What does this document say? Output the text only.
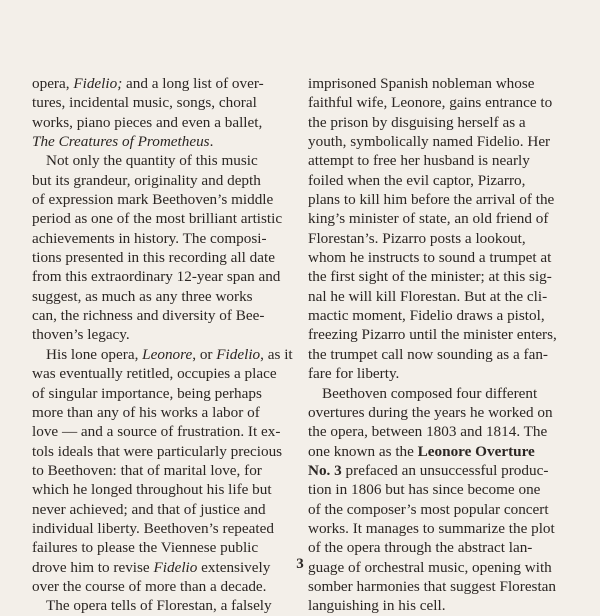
opera, Fidelio; and a long list of over-
tures, incidental music, songs, choral
works, piano pieces and even a ballet,
The Creatures of Prometheus.
Not only the quantity of this music
but its grandeur, originality and depth
of expression mark Beethoven’s middle
period as one of the most brilliant artistic
achievements in history. The composi-
tions presented in this recording all date
from this extraordinary 12-year span and
suggest, as much as any three works
can, the richness and diversity of Bee-
thoven’s legacy.
His lone opera, Leonore, or Fidelio, as it
was eventually retitled, occupies a place
of singular importance, being perhaps
more than any of his works a labor of
love — and a source of frustration. It ex-
tols ideals that were particularly precious
to Beethoven: that of marital love, for
which he longed throughout his life but
never achieved; and that of justice and
individual liberty. Beethoven’s repeated
failures to please the Viennese public
drove him to revise Fidelio extensively
over the course of more than a decade.
The opera tells of Florestan, a falsely
imprisoned Spanish nobleman whose
faithful wife, Leonore, gains entrance to
the prison by disguising herself as a
youth, symbolically named Fidelio. Her
attempt to free her husband is nearly
foiled when the evil captor, Pizarro,
plans to kill him before the arrival of the
king’s minister of state, an old friend of
Florestan’s. Pizarro posts a lookout,
whom he instructs to sound a trumpet at
the first sight of the minister; at this sig-
nal he will kill Florestan. But at the cli-
mactic moment, Fidelio draws a pistol,
freezing Pizarro until the minister enters,
the trumpet call now sounding as a fan-
fare for liberty.
Beethoven composed four different
overtures during the years he worked on
the opera, between 1803 and 1814. The
one known as the Leonore Overture
No. 3 prefaced an unsuccessful produc-
tion in 1806 but has since become one
of the composer’s most popular concert
works. It manages to summarize the plot
of the opera through the abstract lan-
guage of orchestral music, opening with
somber harmonies that suggest Florestan
languishing in his cell.
3
